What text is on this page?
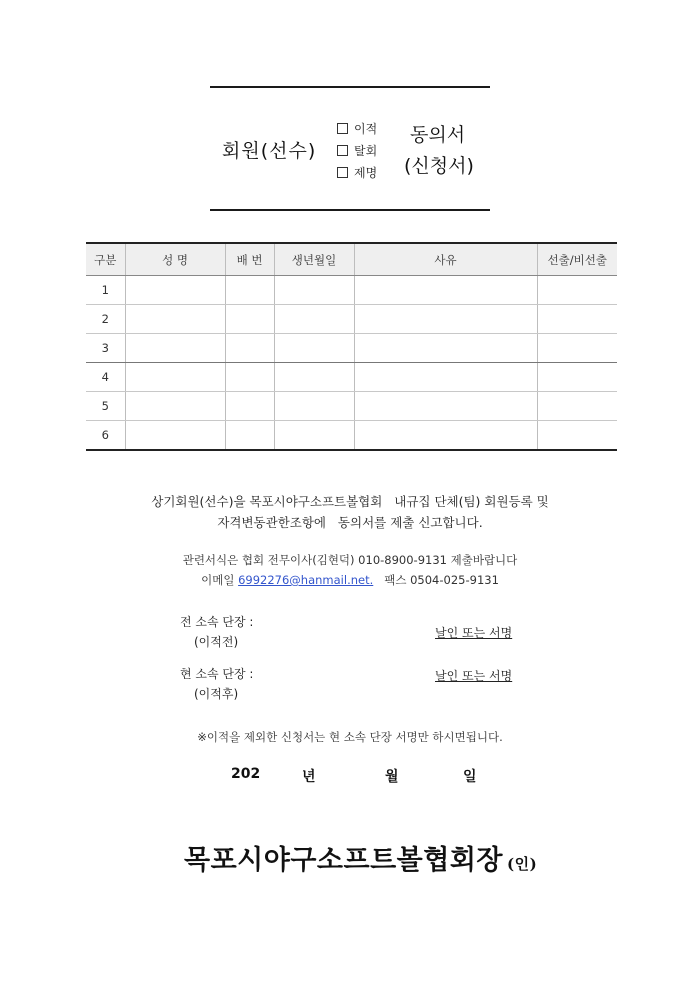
회원(선수)
이적
탈회
제명
동의서
(신청서)
구분	성 명	배 번	생년월일	사유	선출/비선출
1					
2					
3					
4					
5					
6					
상기회원(선수)을 목포시야구소프트볼협회   내규집 단체(팀) 회원등록 및
자격변동관한조항에   동의서를 제출 신고합니다.
관련서식은 협회 전무이사(김현덕) 010-8900-9131 제출바랍니다
이메일 6992276@hanmail.net. 팩스 0504-025-9131
전 소속 단장 :
(이적전)
날인 또는 서명
현 소속 단장 :
(이적후)
날인 또는 서명
※이적을 제외한 신청서는 현 소속 단장 서명만 하시면됩니다.
202	년	월	일
목포시야구소프트볼협회장 (인)
